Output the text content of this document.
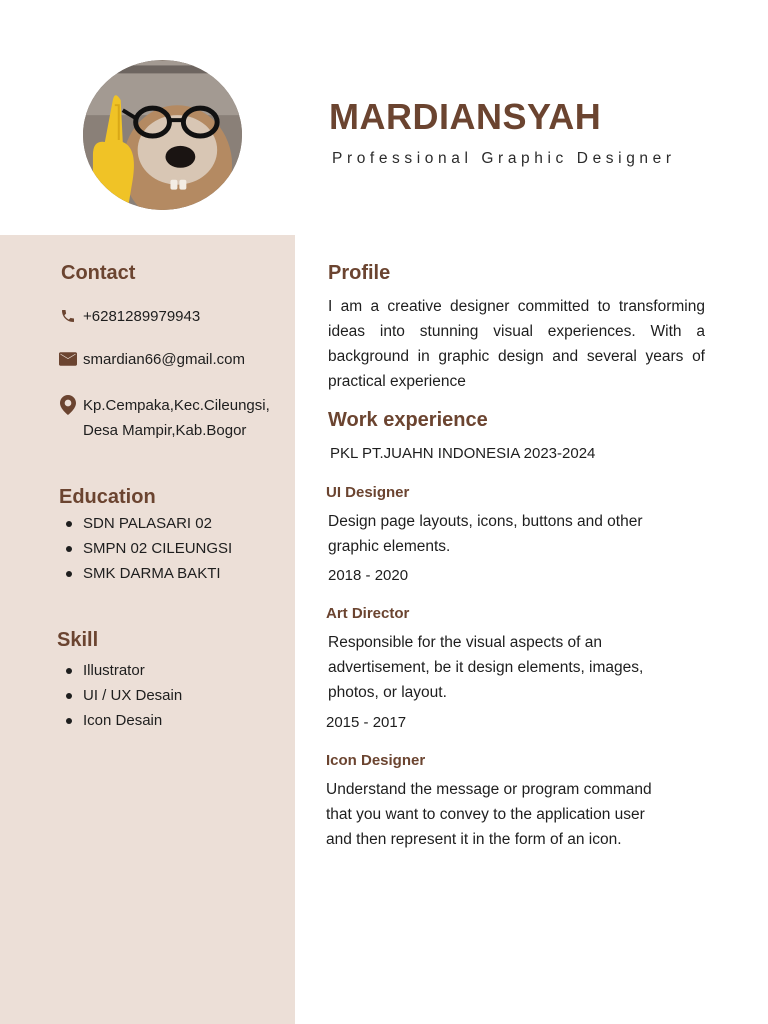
MARDIANSYAH
Professional Graphic Designer
Contact
+6281289979943
smardian66@gmail.com
Kp.Cempaka,Kec.Cileungsi,
Desa Mampir,Kab.Bogor
Education
SDN PALASARI 02
SMPN 02 CILEUNGSI
SMK DARMA BAKTI
Skill
Illustrator
UI / UX Desain
Icon Desain
Profile
I am a creative designer committed to transforming ideas into stunning visual experiences. With a background in graphic design and several years of practical experience
Work experience
PKL PT.JUAHN INDONESIA 2023-2024
UI Designer
Design page layouts, icons, buttons and other
graphic elements.
2018 - 2020
Art Director
Responsible for the visual aspects of an
advertisement, be it design elements, images,
photos, or layout.
2015 - 2017
Icon Designer
Understand the message or program command
that you want to convey to the application user
and then represent it in the form of an icon.
